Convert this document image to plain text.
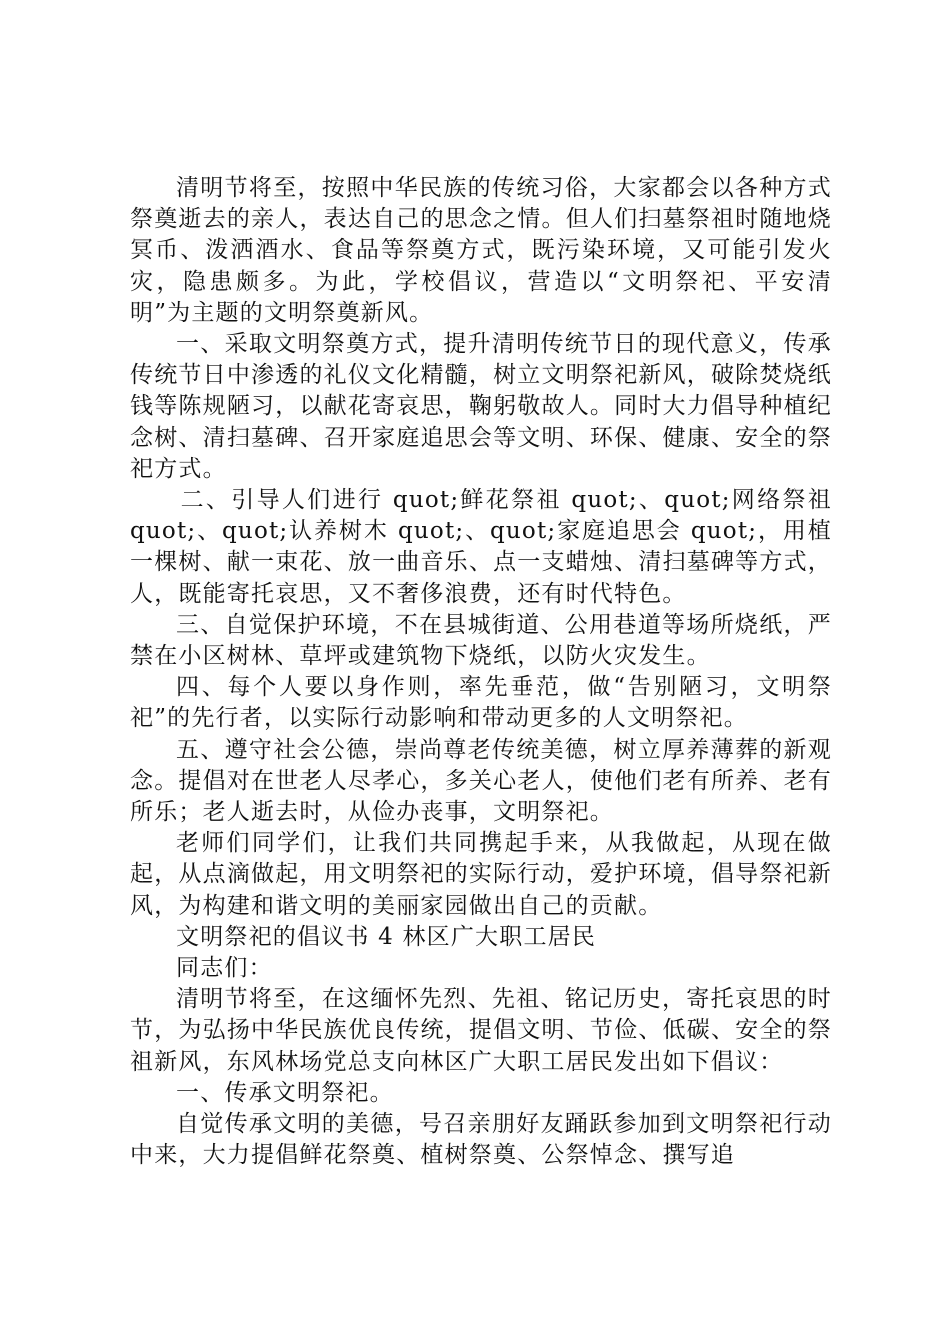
清明节将至，按照中华民族的传统习俗，大家都会以各种方式祭奠逝去的亲人，表达自己的思念之情。但人们扫墓祭祖时随地烧冥币、泼洒酒水、食品等祭奠方式，既污染环境，又可能引发火灾，隐患颇多。为此，学校倡议，营造以“文明祭祀、平安清明”为主题的文明祭奠新风。

一、采取文明祭奠方式，提升清明传统节日的现代意义，传承传统节日中渗透的礼仪文化精髓，树立文明祭祀新风，破除焚烧纸钱等陈规陋习，以献花寄哀思，鞠躬敬故人。同时大力倡导种植纪念树、清扫墓碑、召开家庭追思会等文明、环保、健康、安全的祭祀方式。

二、引导人们进行 quot;鲜花祭祖 quot;、quot;网络祭祖 quot;、quot;认养树木 quot;、quot;家庭追思会 quot;，用植一棵树、献一束花、放一曲音乐、点一支蜡烛、清扫墓碑等方式，人，既能寄托哀思，又不奢侈浪费，还有时代特色。

三、自觉保护环境，不在县城街道、公用巷道等场所烧纸，严禁在小区树林、草坪或建筑物下烧纸，以防火灾发生。

四、每个人要以身作则，率先垂范，做“告别陋习，文明祭祀”的先行者，以实际行动影响和带动更多的人文明祭祀。

五、遵守社会公德，崇尚尊老传统美德，树立厚养薄葬的新观念。提倡对在世老人尽孝心，多关心老人，使他们老有所养、老有所乐；老人逝去时，从俭办丧事，文明祭祀。

老师们同学们，让我们共同携起手来，从我做起，从现在做起，从点滴做起，用文明祭祀的实际行动，爱护环境，倡导祭祀新风，为构建和谐文明的美丽家园做出自己的贡献。

文明祭祀的倡议书 4 林区广大职工居民

同志们：

清明节将至，在这缅怀先烈、先祖、铭记历史，寄托哀思的时节，为弘扬中华民族优良传统，提倡文明、节俭、低碳、安全的祭祖新风，东风林场党总支向林区广大职工居民发出如下倡议：

一、传承文明祭祀。

自觉传承文明的美德，号召亲朋好友踊跃参加到文明祭祀行动中来，大力提倡鲜花祭奠、植树祭奠、公祭悼念、撰写追
